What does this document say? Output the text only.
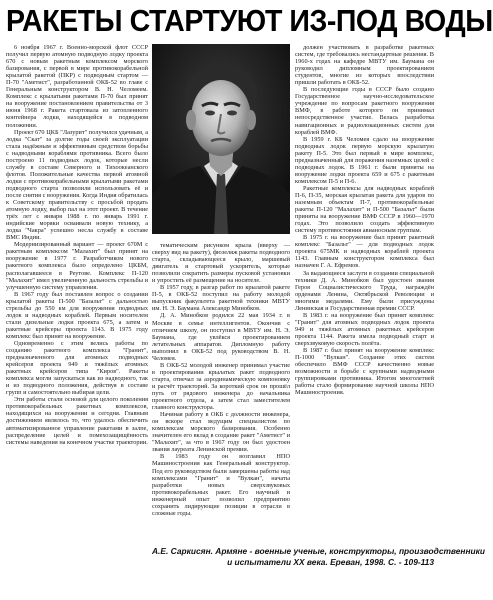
РАКЕТЫ СТАРТУЮТ ИЗ-ПОД ВОДЫ

6 ноября 1967 г. Военно-морской флот СССР получил первую атомную подводную лодку проекта 670 с новым ракетным комплексом морского базирования, с первой в мире противокорабельной крылатой ракетой (ПКР) с подводным стартом — П-70 "Аметист", разработанной ОКБ-52 во главе с Генеральным конструктором В. Н. Челомеем. Комплекс с крылатыми ракетами П-70 был принят на вооружение постановлением правительства от 3 июня 1968 г. Ракета стартовала из затопленного контейнера лодки, находящейся в подводном положении.

Проект 670 ЦКБ "Лазурит" получился удачным, а лодка "Скат" за долгие годы своей эксплуатации стала надёжным и эффективным средством борьбы с надводными кораблями противника. Всего было построено 11 подводных лодок, которые несли службу в составе Северного и Тихоокеанского флотов. Положительные качества первой атомной лодки с противокорабельными крылатыми ракетами подводного старта позволили использовать её и после снятия с вооружения. Когда Индия обратилась к Советскому правительству с просьбой продать атомную лодку, выбор пал на этот проект. В течение трёх лет с января 1988 г. по январь 1991 г. индийские моряки осваивали новую технику, а лодка "Чакра" успешно несла службу в составе ВМС Индии.

Модернизированный вариант — проект 670М с ракетным комплексом "Малахит" был принят на вооружение в 1977 г. Разработчиком нового ракетного комплекса было определено ЦКБМ, располагавшееся в Реутове. Комплекс П-120 "Малахит" имел увеличенную дальность стрельбы и улучшенную систему управления.

В 1967 году был поставлен вопрос о создании крылатой ракеты П-500 "Базальт" с дальностью стрельбы до 550 км для вооружения подводных лодок и надводных кораблей. Первым носителем стали дизельные лодки проекта 675, а затем и ракетные крейсеры проекта 1143. В 1975 году комплекс был принят на вооружение.

Одновременно с этим велись работы по созданию ракетного комплекса "Гранит", предназначенного для атомных подводных крейсеров проекта 949 и тяжёлых атомных ракетных крейсеров типа "Киров". Ракеты комплекса могли запускаться как из надводного, так и из подводного положения, действуя в составе групп и самостоятельно выбирая цели.

Эти работы стали основой для целого поколения противокорабельных ракетных комплексов, находящихся на вооружении и сегодня. Главным достижением являлось то, что удалось обеспечить автоматизированное управление ракетами в залпе, распределение целей и помехозащищённость системы наведения на конечном участке траектории.

тематическим рисунком крыла (вверху — сверху вид на ракету), фюзеляж ракеты подводного старта, складывающееся крыло, маршевый двигатель и стартовый ускоритель, которые позволили сократить размеры пусковой установки и упростить её размещение на носителе.

В 1957 году, в разгар работ по крылатой ракете П-5, в ОКБ-52 поступил на работу молодой выпускник факультета ракетной техники МВТУ им. Н. Э. Баумана Александр Минобков.

Д. А. Минобков родился 22 мая 1934 г. в Москве в семье интеллигентов. Окончив с отличием школу, он поступил в МВТУ им. Н. Э. Баумана, где увлёкся проектированием летательных аппаратов. Дипломную работу выполнил в ОКБ-52 под руководством В. Н. Челомея.

В ОКБ-52 молодой инженер принимал участие в проектировании крылатых ракет подводного старта, отвечал за аэродинамическую компоновку и расчёт траекторий. За короткий срок он прошёл путь от рядового инженера до начальника проектного отдела, а затем стал заместителем главного конструктора.

Начиная работу в ОКБ с должности инженера, он вскоре стал ведущим специалистом по комплексам морского базирования. Особенно значителен его вклад в создание ракет "Аметист" и "Малахит", за что в 1967 году он был удостоен звания лауреата Ленинской премии.

В 1983 году он возглавил НПО Машиностроения как Генеральный конструктор. Под его руководством были завершены работы над комплексами "Гранит" и "Вулкан", начаты разработки новых сверхзвуковых противокорабельных ракет. Его научный и инженерный опыт позволил предприятию сохранить лидирующие позиции в отрасли в сложные годы.

должен участвовать в разработке ракетных систем, где требовались нестандартные решения. В 1960-х годах на кафедре МВТУ им. Баумана он руководил дипломным проектированием студентов, многие из которых впоследствии пришли работать в ОКБ-52.

В последующие годы в СССР было создано Государственное научно-исследовательское учреждение по вопросам ракетного вооружения ВМФ, в работе которого он принимал непосредственное участие. Велась разработка навигационных и радиолокационных систем для кораблей ВМФ.

В 1959 г. КБ Челомея сдало на вооружение подводных лодок первую морскую крылатую ракету П-5. Это был первый в мире комплекс, предназначенный для поражения наземных целей с подводных лодок. В 1961 г. были приняты на вооружение лодки проекта 659 и 675 с ракетным комплексом П-5 и П-6.

Ракетные комплексы для надводных кораблей П-6, П-35, морская крылатая ракета для ударов по наземным объектам П-7, противокорабельные ракеты П-120 "Малахит" и П-500 "Базальт" были приняты на вооружение ВМФ СССР в 1960—1970 годах. Это позволило создать эффективную систему противостояния авианосным группам.

В 1975 г. на вооружение был принят ракетный комплекс "Базальт" — для подводных лодок проекта 675МК и надводных кораблей проекта 1143. Главным конструктором комплекса был назначен Г. А. Ефремов.

За выдающиеся заслуги в создании специальной техники Д. А. Минобков был удостоен звания Героя Социалистического Труда, награждён орденами Ленина, Октябрьской Революции и многими медалями. Ему были присуждены Ленинская и Государственная премии СССР.

В 1983 г. на вооружение был принят комплекс "Гранит" для атомных подводных лодок проекта 949 и тяжёлых атомных ракетных крейсеров проекта 1144. Ракета имела подводный старт и сверхзвуковую скорость полёта.

В 1987 г. был принят на вооружение комплекс П-1000 "Вулкан". Создание этих систем обеспечило ВМФ СССР качественно новые возможности в борьбе с крупными надводными группировками противника. Итогом многолетней работы стало формирование научной школы НПО Машиностроения.

А.Е. Саркисян. Армяне - военные ученые, конструкторы, производственники
и испытатели XX века. Ереван, 1998. С. - 109-113
